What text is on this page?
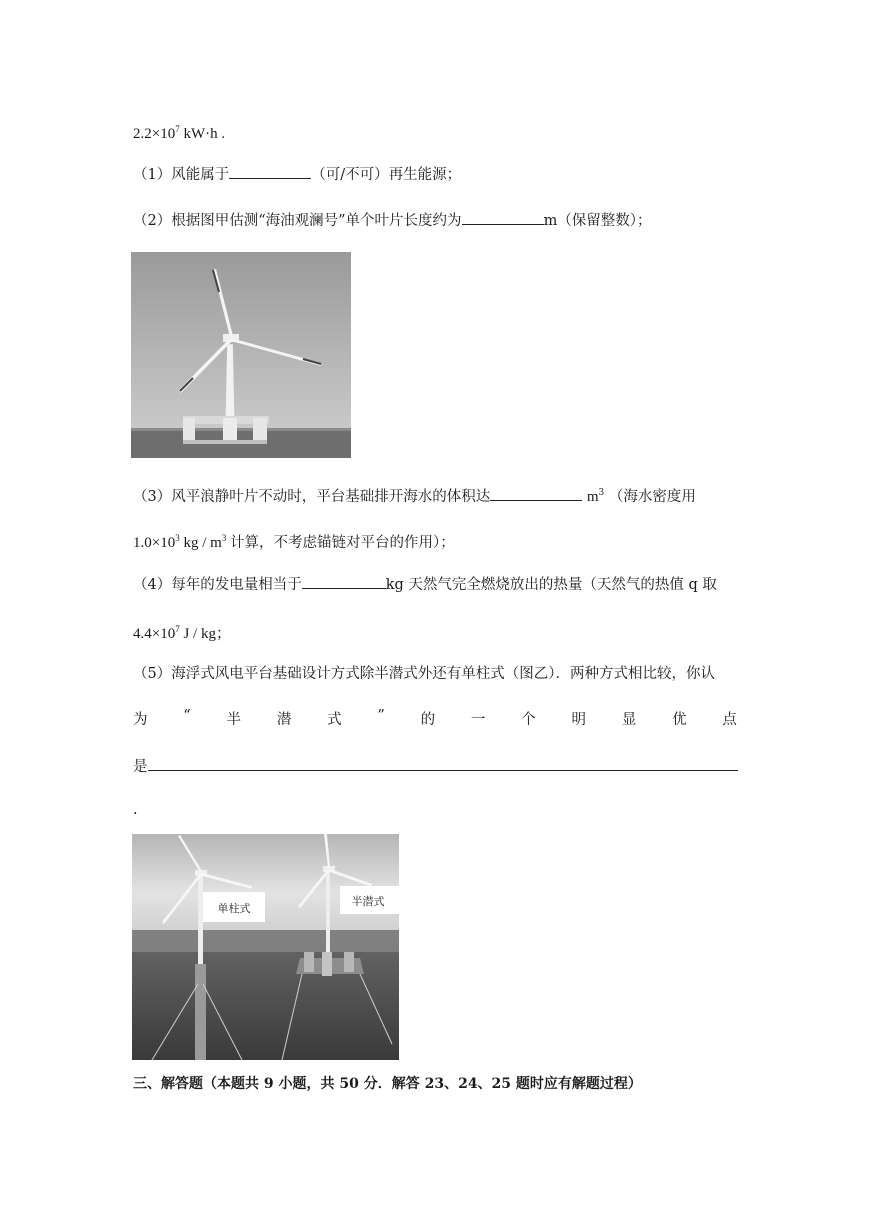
$2.2\times 10^7$ kW·h .
（1）风能属于	（可/不可）再生能源；
（2）根据图甲估测“海油观澜号”单个叶片长度约为	m（保留整数）；
（3）风平浪静叶片不动时，平台基础排开海水的体积达	$m^3$ （海水密度用
$1.0\times 10^3$ kg / $m^3$ 计算，不考虑锚链对平台的作用）；
（4）每年的发电量相当于	kg 天然气完全燃烧放出的热量（天然气的热值 q 取
$4.4\times 10^7$ J / kg；
（5）海浮式风电平台基础设计方式除半潜式外还有单柱式（图乙）．两种方式相比较，你认
为 “ 半 潜 式 ” 的 一 个 明 显 优 点
是
.
单柱式
半潜式
三、解答题（本题共 9 小题，共 50 分．解答 23、24、25 题时应有解题过程）
